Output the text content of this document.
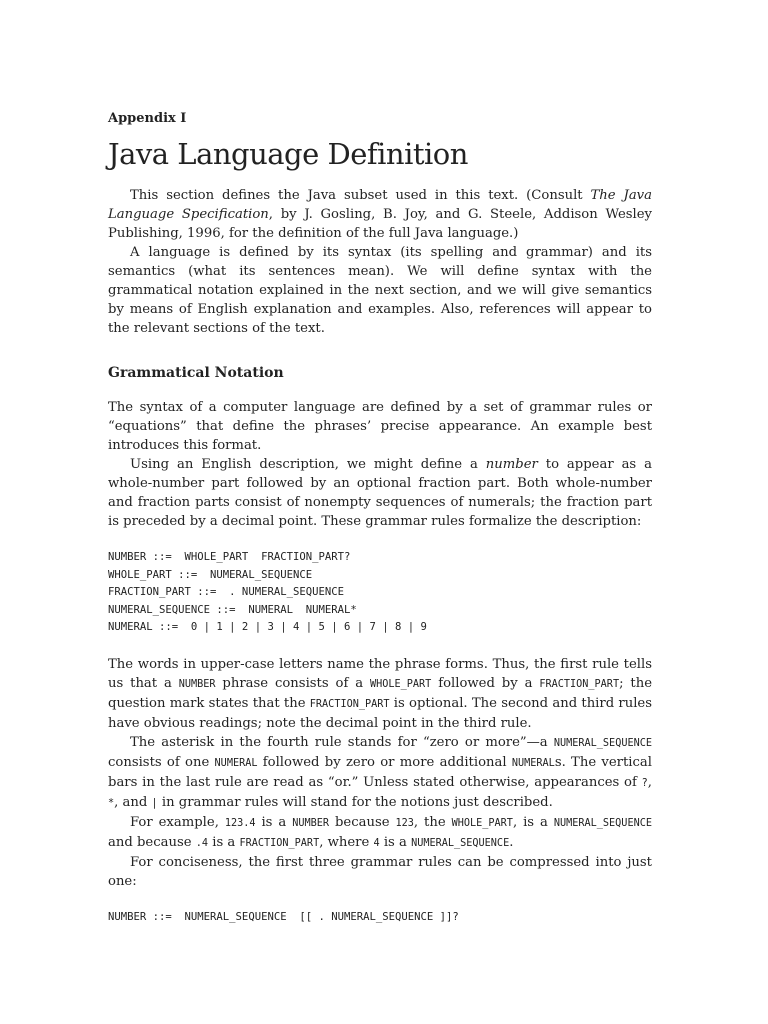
Appendix I
Java Language Definition

This section defines the Java subset used in this text. (Consult The Java Language Specification, by J. Gosling, B. Joy, and G. Steele, Addison Wesley Publishing, 1996, for the definition of the full Java language.)

A language is defined by its syntax (its spelling and grammar) and its semantics (what its sentences mean). We will define syntax with the grammatical notation explained in the next section, and we will give semantics by means of English explanation and examples. Also, references will appear to the relevant sections of the text.

Grammatical Notation

The syntax of a computer language are defined by a set of grammar rules or “equations” that define the phrases’ precise appearance. An example best introduces this format.

Using an English description, we might define a number to appear as a whole-number part followed by an optional fraction part. Both whole-number and fraction parts consist of nonempty sequences of numerals; the fraction part is preceded by a decimal point. These grammar rules formalize the description:

NUMBER ::=  WHOLE_PART  FRACTION_PART?
WHOLE_PART ::=  NUMERAL_SEQUENCE
FRACTION_PART ::=  . NUMERAL_SEQUENCE
NUMERAL_SEQUENCE ::=  NUMERAL  NUMERAL*
NUMERAL ::=  0 | 1 | 2 | 3 | 4 | 5 | 6 | 7 | 8 | 9

The words in upper-case letters name the phrase forms. Thus, the first rule tells us that a NUMBER phrase consists of a WHOLE_PART followed by a FRACTION_PART; the question mark states that the FRACTION_PART is optional. The second and third rules have obvious readings; note the decimal point in the third rule.

The asterisk in the fourth rule stands for “zero or more”—a NUMERAL_SEQUENCE consists of one NUMERAL followed by zero or more additional NUMERALs. The vertical bars in the last rule are read as “or.” Unless stated otherwise, appearances of ?, *, and | in grammar rules will stand for the notions just described.

For example, 123.4 is a NUMBER because 123, the WHOLE_PART, is a NUMERAL_SEQUENCE and because .4 is a FRACTION_PART, where 4 is a NUMERAL_SEQUENCE.

For conciseness, the first three grammar rules can be compressed into just one:

NUMBER ::=  NUMERAL_SEQUENCE  [[ . NUMERAL_SEQUENCE ]]?
